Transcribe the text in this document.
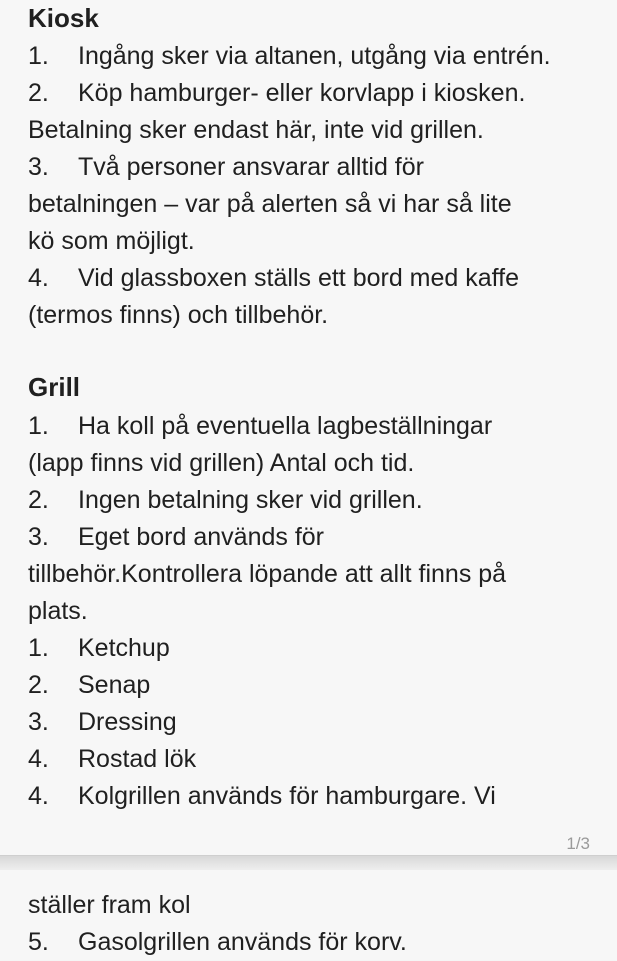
Kiosk
1. Ingång sker via altanen, utgång via entrén.
2. Köp hamburger- eller korvlapp i kiosken.
Betalning sker endast här, inte vid grillen.
3. Två personer ansvarar alltid för
betalningen – var på alerten så vi har så lite
kö som möjligt.
4. Vid glassboxen ställs ett bord med kaffe
(termos finns) och tillbehör.
Grill
1. Ha koll på eventuella lagbeställningar
(lapp finns vid grillen) Antal och tid.
2. Ingen betalning sker vid grillen.
3. Eget bord används för
tillbehör.Kontrollera löpande att allt finns på
plats.
1. Ketchup
2. Senap
3. Dressing
4. Rostad lök
4. Kolgrillen används för hamburgare. Vi
1/3
ställer fram kol
5. Gasolgrillen används för korv.
